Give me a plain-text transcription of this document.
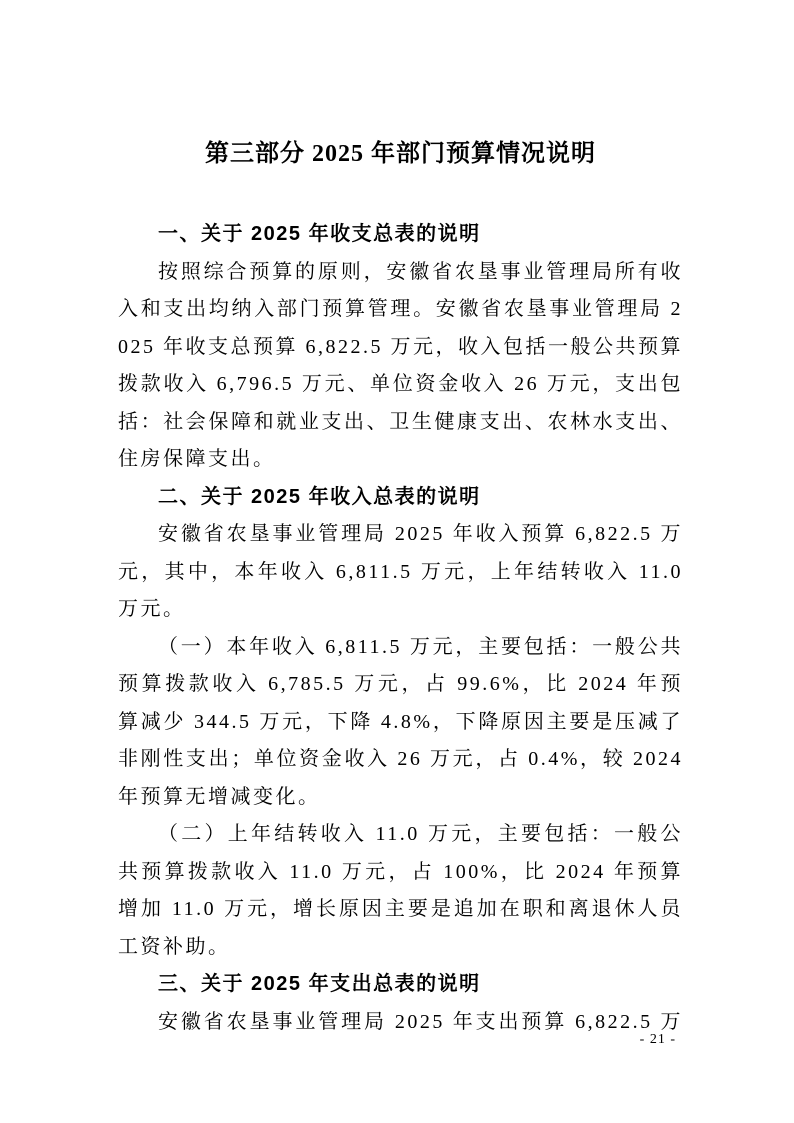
第三部分 2025 年部门预算情况说明
一、关于 2025 年收支总表的说明

按照综合预算的原则，安徽省农垦事业管理局所有收入和支出均纳入部门预算管理。安徽省农垦事业管理局 2025 年收支总预算 6,822.5 万元，收入包括一般公共预算拨款收入 6,796.5 万元、单位资金收入 26 万元，支出包括：社会保障和就业支出、卫生健康支出、农林水支出、住房保障支出。

二、关于 2025 年收入总表的说明

安徽省农垦事业管理局 2025 年收入预算 6,822.5 万元，其中，本年收入 6,811.5 万元，上年结转收入 11.0 万元。

（一）本年收入 6,811.5 万元，主要包括：一般公共预算拨款收入 6,785.5 万元，占 99.6%，比 2024 年预算减少 344.5 万元，下降 4.8%，下降原因主要是压减了非刚性支出；单位资金收入 26 万元，占 0.4%，较 2024 年预算无增减变化。

（二）上年结转收入 11.0 万元，主要包括：一般公共预算拨款收入 11.0 万元，占 100%，比 2024 年预算增加 11.0 万元，增长原因主要是追加在职和离退休人员工资补助。

三、关于 2025 年支出总表的说明

安徽省农垦事业管理局 2025 年支出预算 6,822.5 万

- 21 -
